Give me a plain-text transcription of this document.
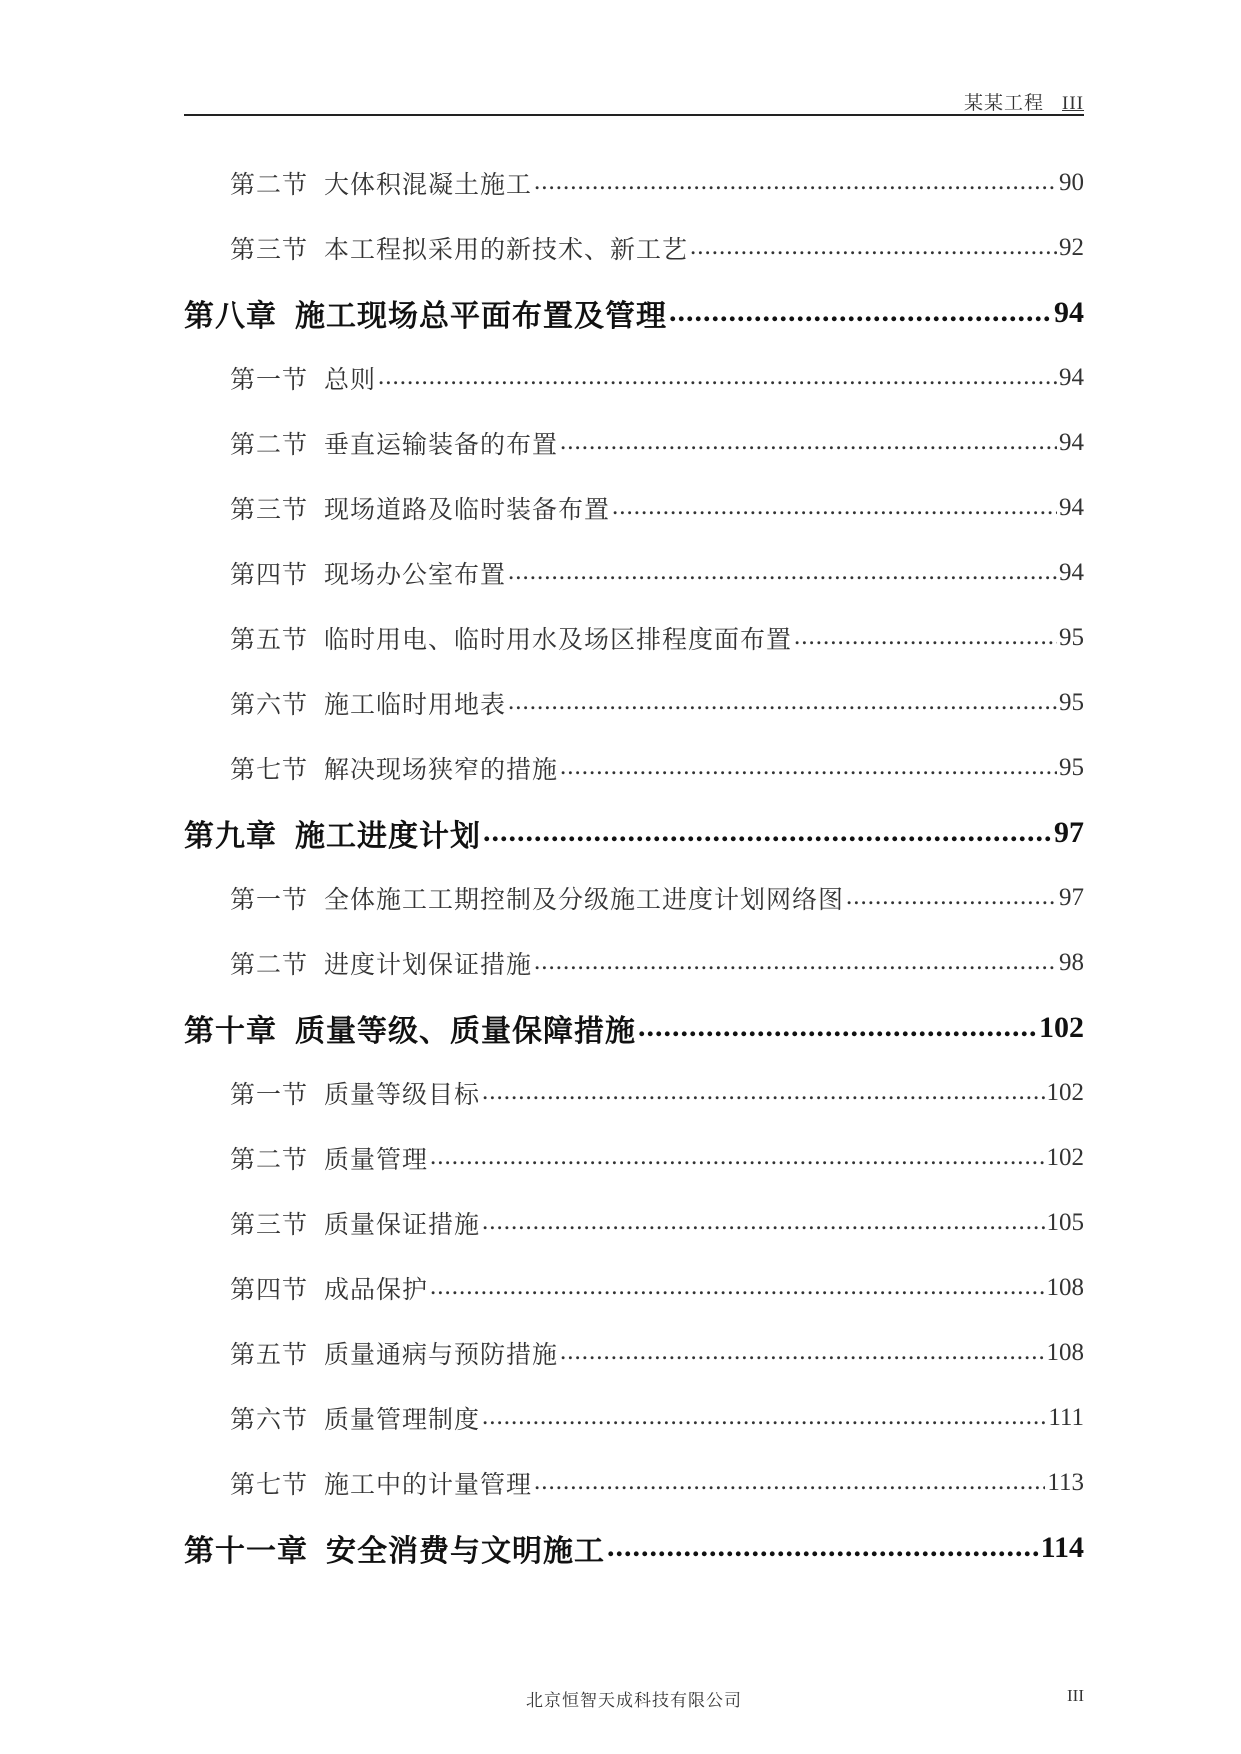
某某工程 III
第二节 大体积混凝土施工 .....	90
第三节 本工程拟采用的新技术、新工艺 .....	92
第八章 施工现场总平面布置及管理 .....	94
第一节 总则 .....	94
第二节 垂直运输装备的布置 .....	94
第三节 现场道路及临时装备布置 .....	94
第四节 现场办公室布置 .....	94
第五节 临时用电、临时用水及场区排程度面布置 .....	95
第六节 施工临时用地表 .....	95
第七节 解决现场狭窄的措施 .....	95
第九章 施工进度计划 .....	97
第一节 全体施工工期控制及分级施工进度计划网络图 .....	97
第二节 进度计划保证措施 .....	98
第十章 质量等级、质量保障措施 .....	102
第一节 质量等级目标 .....	102
第二节 质量管理 .....	102
第三节 质量保证措施 .....	105
第四节 成品保护 .....	108
第五节 质量通病与预防措施 .....	108
第六节 质量管理制度 .....	111
第七节 施工中的计量管理 .....	113
第十一章 安全消费与文明施工 .....	114
北京恒智天成科技有限公司	III
